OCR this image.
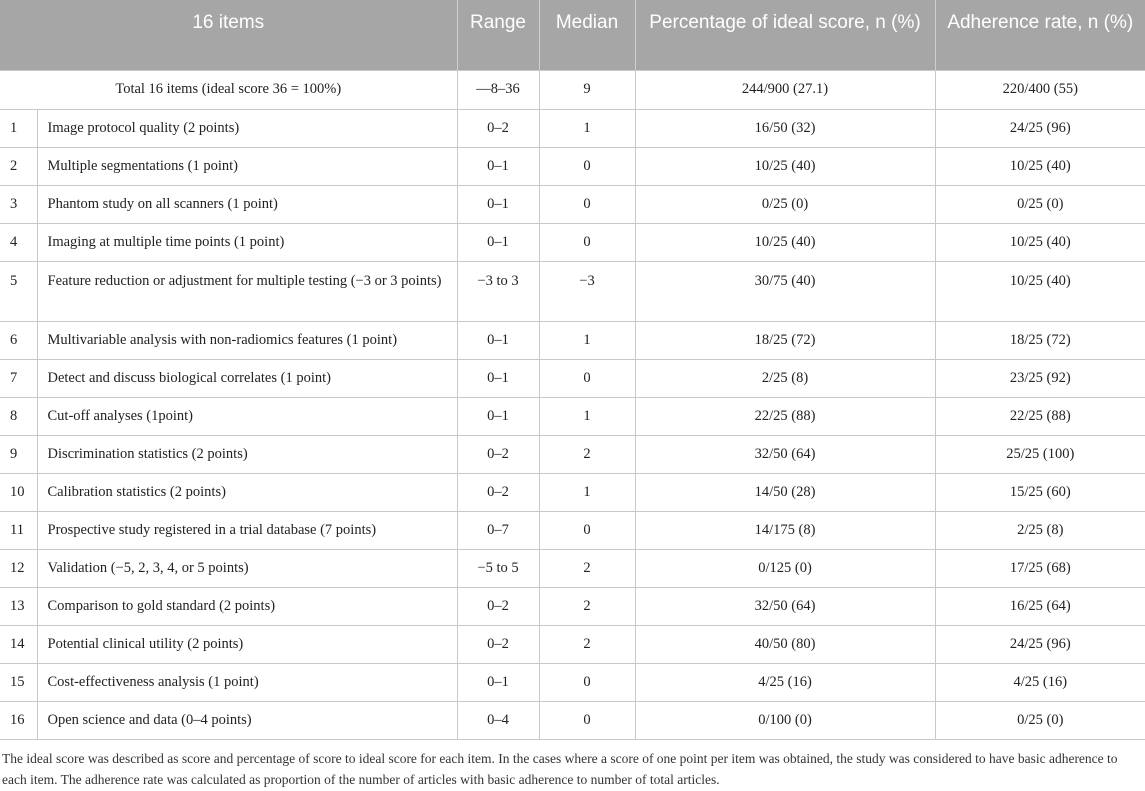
16 items		Range	Median	Percentage of ideal score, n (%)	Adherence rate, n (%)
Total 16 items (ideal score 36 = 100%)		—8–36	9	244/900 (27.1)	220/400 (55)
1	Image protocol quality (2 points)	0–2	1	16/50 (32)	24/25 (96)
2	Multiple segmentations (1 point)	0–1	0	10/25 (40)	10/25 (40)
3	Phantom study on all scanners (1 point)	0–1	0	0/25 (0)	0/25 (0)
4	Imaging at multiple time points (1 point)	0–1	0	10/25 (40)	10/25 (40)
5	Feature reduction or adjustment for multiple testing (−3 or 3 points)	−3 to 3	−3	30/75 (40)	10/25 (40)
6	Multivariable analysis with non-radiomics features (1 point)	0–1	1	18/25 (72)	18/25 (72)
7	Detect and discuss biological correlates (1 point)	0–1	0	2/25 (8)	23/25 (92)
8	Cut-off analyses (1point)	0–1	1	22/25 (88)	22/25 (88)
9	Discrimination statistics (2 points)	0–2	2	32/50 (64)	25/25 (100)
10	Calibration statistics (2 points)	0–2	1	14/50 (28)	15/25 (60)
11	Prospective study registered in a trial database (7 points)	0–7	0	14/175 (8)	2/25 (8)
12	Validation (−5, 2, 3, 4, or 5 points)	−5 to 5	2	0/125 (0)	17/25 (68)
13	Comparison to gold standard (2 points)	0–2	2	32/50 (64)	16/25 (64)
14	Potential clinical utility (2 points)	0–2	2	40/50 (80)	24/25 (96)
15	Cost-effectiveness analysis (1 point)	0–1	0	4/25 (16)	4/25 (16)
16	Open science and data (0–4 points)	0–4	0	0/100 (0)	0/25 (0)
The ideal score was described as score and percentage of score to ideal score for each item. In the cases where a score of one point per item was obtained, the study was considered to have basic adherence to each item. The adherence rate was calculated as proportion of the number of articles with basic adherence to number of total articles.
